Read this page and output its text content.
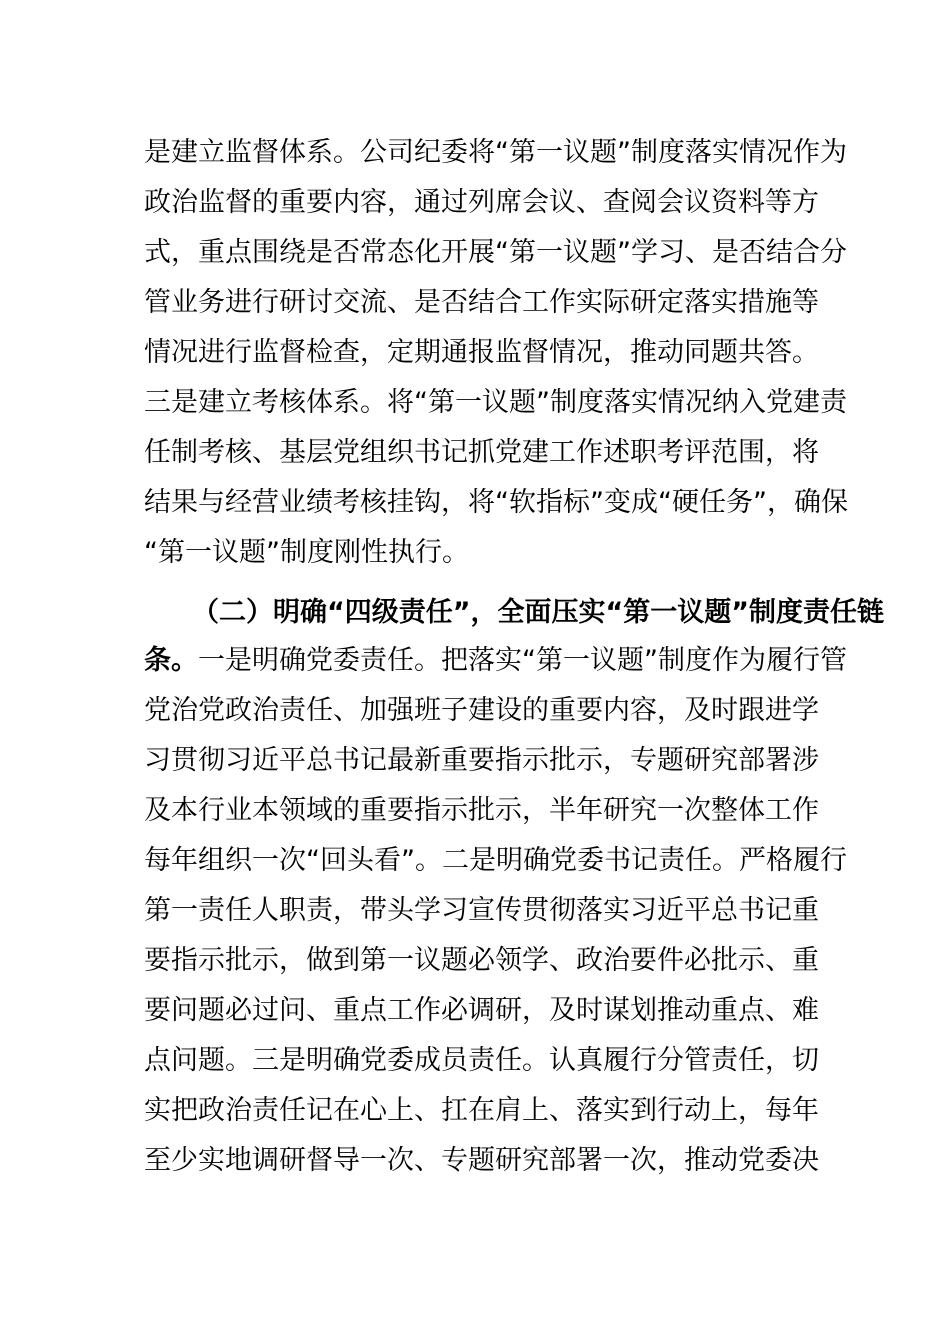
是建立监督体系。公司纪委将“第一议题”制度落实情况作为
政治监督的重要内容，通过列席会议、查阅会议资料等方
式，重点围绕是否常态化开展“第一议题”学习、是否结合分
管业务进行研讨交流、是否结合工作实际研定落实措施等
情况进行监督检查，定期通报监督情况，推动同题共答。
三是建立考核体系。将“第一议题”制度落实情况纳入党建责
任制考核、基层党组织书记抓党建工作述职考评范围，将
结果与经营业绩考核挂钩，将“软指标”变成“硬任务”，确保
“第一议题”制度刚性执行。
（二）明确“四级责任”，全面压实“第一议题”制度责任链
条。一是明确党委责任。把落实“第一议题”制度作为履行管
党治党政治责任、加强班子建设的重要内容，及时跟进学
习贯彻习近平总书记最新重要指示批示，专题研究部署涉
及本行业本领域的重要指示批示，半年研究一次整体工作
每年组织一次“回头看”。二是明确党委书记责任。严格履行
第一责任人职责，带头学习宣传贯彻落实习近平总书记重
要指示批示，做到第一议题必领学、政治要件必批示、重
要问题必过问、重点工作必调研，及时谋划推动重点、难
点问题。三是明确党委成员责任。认真履行分管责任，切
实把政治责任记在心上、扛在肩上、落实到行动上，每年
至少实地调研督导一次、专题研究部署一次，推动党委决
